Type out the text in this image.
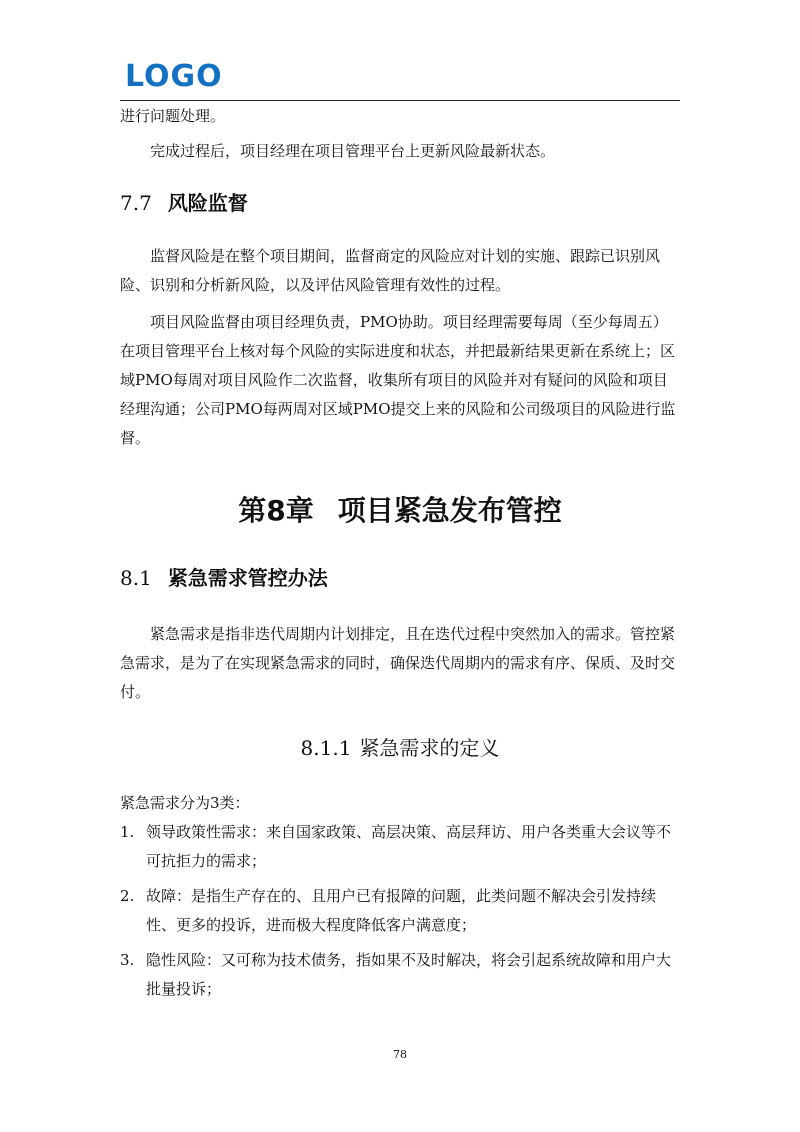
LOGO

进行问题处理。

完成过程后，项目经理在项目管理平台上更新风险最新状态。

7.7 风险监督

监督风险是在整个项目期间，监督商定的风险应对计划的实施、跟踪已识别风险、识别和分析新风险，以及评估风险管理有效性的过程。

项目风险监督由项目经理负责，PMO协助。项目经理需要每周（至少每周五）在项目管理平台上核对每个风险的实际进度和状态，并把最新结果更新在系统上；区域PMO每周对项目风险作二次监督，收集所有项目的风险并对有疑问的风险和项目经理沟通；公司PMO每两周对区域PMO提交上来的风险和公司级项目的风险进行监督。

第8章 项目紧急发布管控
8.1 紧急需求管控办法

紧急需求是指非迭代周期内计划排定，且在迭代过程中突然加入的需求。管控紧急需求，是为了在实现紧急需求的同时，确保迭代周期内的需求有序、保质、及时交付。

8.1.1 紧急需求的定义

紧急需求分为3类：

1. 领导政策性需求：来自国家政策、高层决策、高层拜访、用户各类重大会议等不可抗拒力的需求；
2. 故障：是指生产存在的、且用户已有报障的问题，此类问题不解决会引发持续性、更多的投诉，进而极大程度降低客户满意度；
3. 隐性风险：又可称为技术债务，指如果不及时解决，将会引起系统故障和用户大批量投诉；

78
